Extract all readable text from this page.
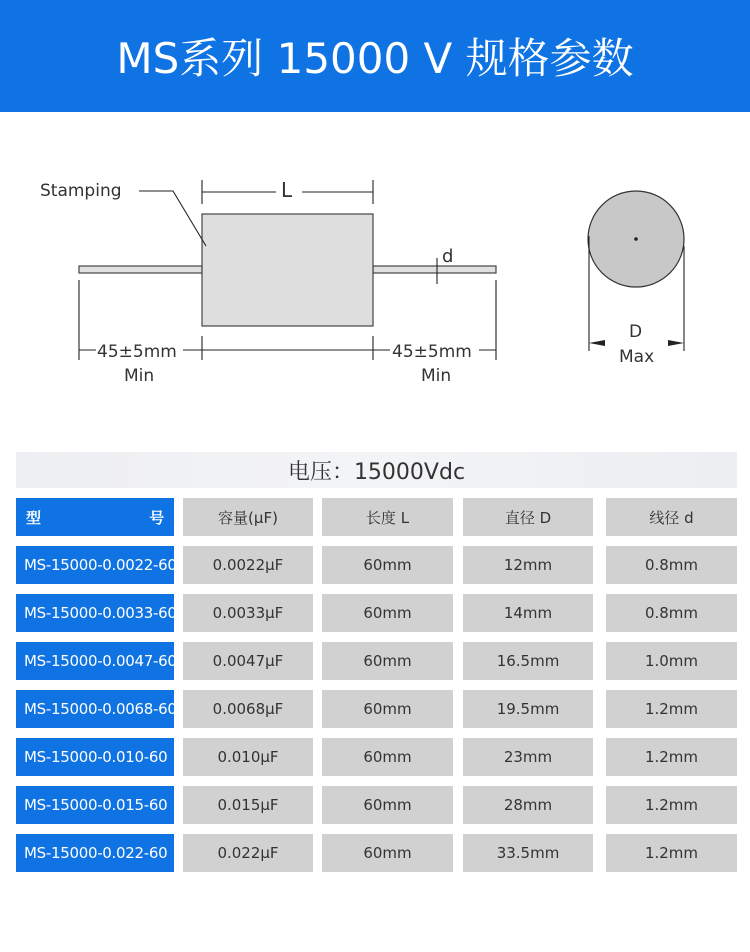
MS系列 15000 V 规格参数
Stamping	L
d
45±5mm
Min
45±5mm
Min
D
Max
电压：15000Vdc
型	号	容量(μF)	长度 L	直径 D	线径 d
MS-15000-0.0022-60	0.0022μF	60mm	12mm	0.8mm
MS-15000-0.0033-60	0.0033μF	60mm	14mm	0.8mm
MS-15000-0.0047-60	0.0047μF	60mm	16.5mm	1.0mm
MS-15000-0.0068-60	0.0068μF	60mm	19.5mm	1.2mm
MS-15000-0.010-60	0.010μF	60mm	23mm	1.2mm
MS-15000-0.015-60	0.015μF	60mm	28mm	1.2mm
MS-15000-0.022-60	0.022μF	60mm	33.5mm	1.2mm
